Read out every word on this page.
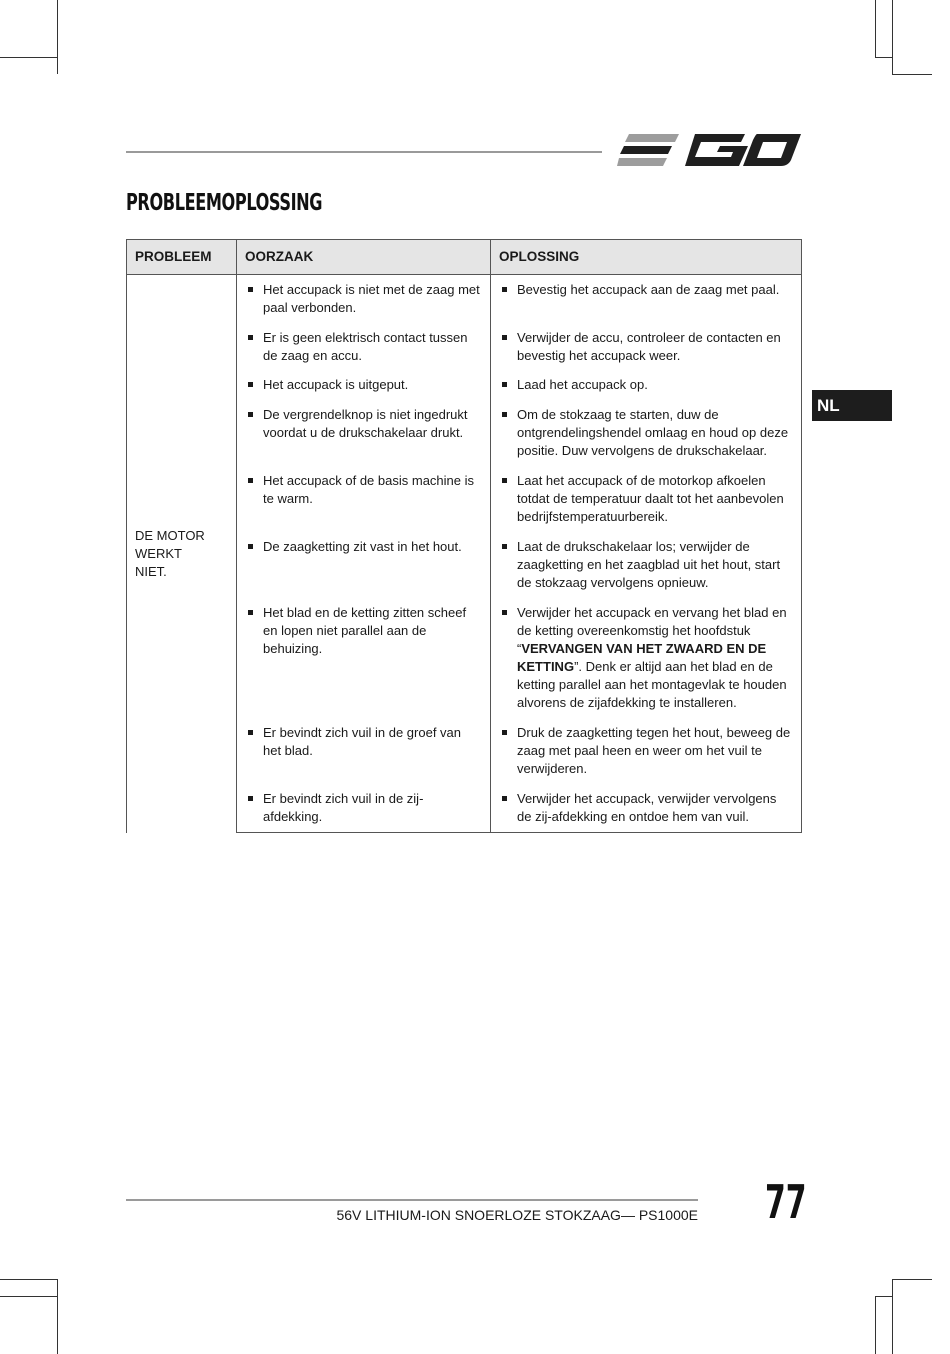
PROBLEEMOPLOSSING
NL
PROBLEEM	OORZAAK	OPLOSSING

DE MOTOR WERKT NIET.	Het accupack is niet met de zaag met paal verbonden.	Bevestig het accupack aan de zaag met paal.

	Er is geen elektrisch contact tussen de zaag en accu.	Verwijder de accu, controleer de contacten en bevestig het accupack weer.

	Het accupack is uitgeput.	Laad het accupack op.

	De vergrendelknop is niet ingedrukt voordat u de drukschakelaar drukt.	Om de stokzaag te starten, duw de ontgrendelingshendel omlaag en houd op deze positie. Duw vervolgens de drukschakelaar.

	Het accupack of de basis machine is te warm.	Laat het accupack of de motorkop afkoelen totdat de temperatuur daalt tot het aanbevolen bedrijfstemperatuurbereik.

	De zaagketting zit vast in het hout.	Laat de drukschakelaar los; verwijder de zaagketting en het zaagblad uit het hout, start de stokzaag vervolgens opnieuw.

	Het blad en de ketting zitten scheef en lopen niet parallel aan de behuizing.	Verwijder het accupack en vervang het blad en de ketting overeenkomstig het hoofdstuk “VERVANGEN VAN HET ZWAARD EN DE KETTING”. Denk er altijd aan het blad en de ketting parallel aan het montagevlak te houden alvorens de zijafdekking te installeren.

	Er bevindt zich vuil in de groef van het blad.	Druk de zaagketting tegen het hout, beweeg de zaag met paal heen en weer om het vuil te verwijderen.

	Er bevindt zich vuil in de zij-afdekking.	Verwijder het accupack, verwijder vervolgens de zij-afdekking en ontdoe hem van vuil.
56V LITHIUM-ION SNOERLOZE STOKZAAG— PS1000E 77
